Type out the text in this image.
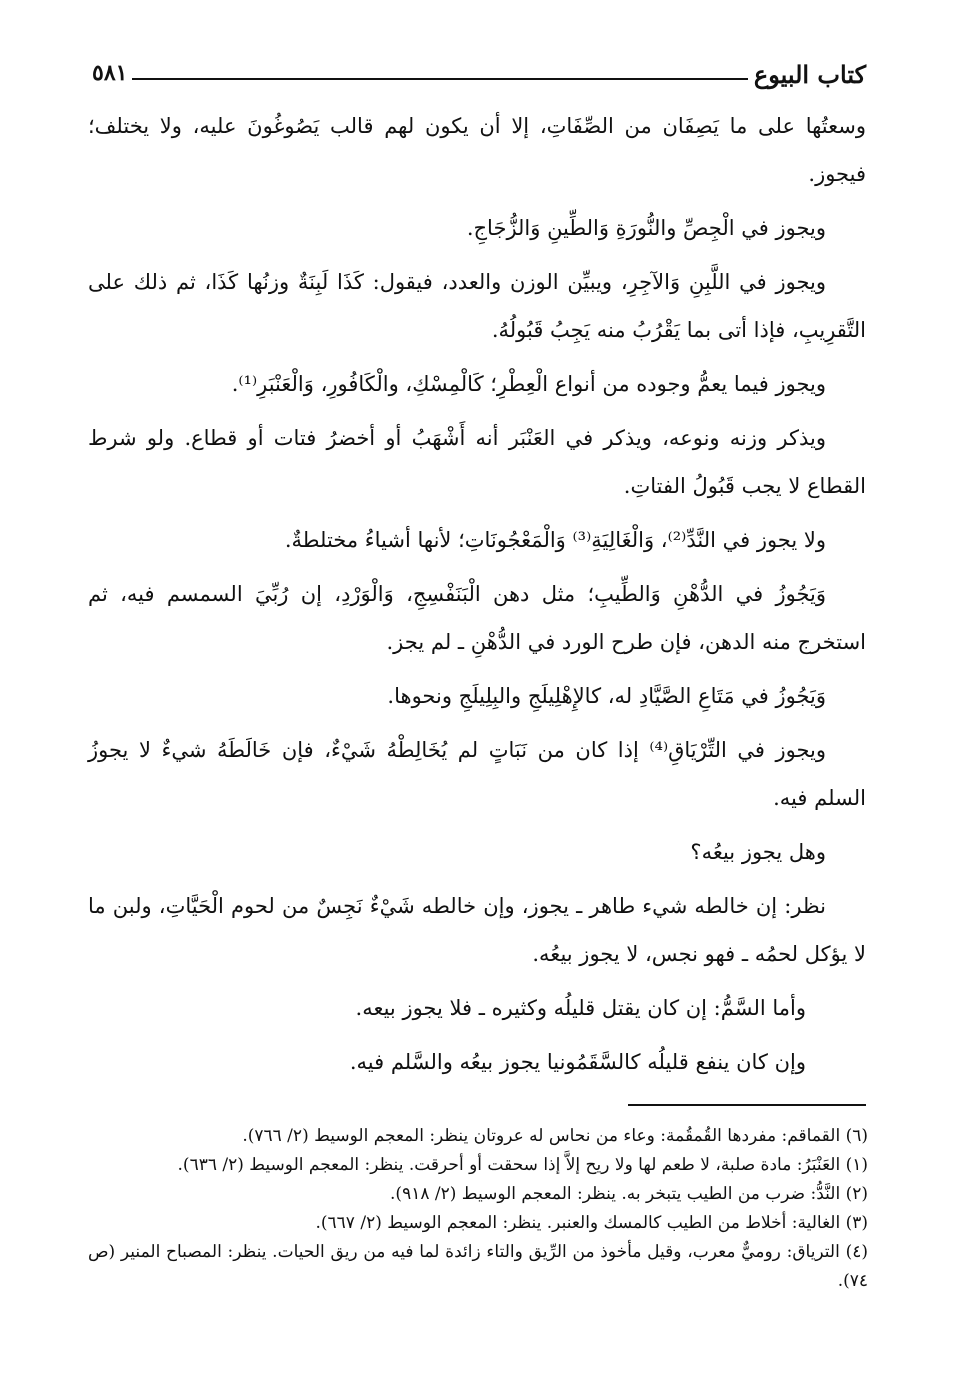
كتاب البيوع
٥٨١

وسعتُها على ما يَصِفَان من الصِّفَاتِ، إلا أن يكون لهم قالب يَصُوغُونَ عليه، ولا يختلف؛ فيجوز.

ويجوز في الْجِصِّ والنُّورَةِ وَالطِّينِ وَالزُّجَاجِ.

ويجوز في اللَّبِنِ وَالآجِرِ، ويبيِّن الوزن والعدد، فيقول: كَذَا لَبِنَةٌ وزنُها كَذَا، ثم ذلك على التَّقرِيبِ، فإذا أتى بما يَقْرُبُ منه يَجِبُ قَبُولُهُ.

ويجوز فيما يعمُّ وجوده من أنواع الْعِطْرِ؛ كَالْمِسْكِ، والْكَافُورِ، وَالْعَنْبَرِ⁽¹⁾.

ويذكر وزنه ونوعه، ويذكر في العَنْبَر أنه أَشْهَبُ أو أخضرُ فتات أو قطاع. ولو شرط القطاع لا يجب قَبُولُ الفتاتِ.

ولا يجوز في النَّدِّ⁽²⁾، وَالْغَالِيَةِ⁽³⁾ وَالْمَعْجُونَاتِ؛ لأنها أشياءُ مختلطةٌ.

وَيَجُوزُ في الدُّهْنِ وَالطِّيبِ؛ مثل دهن الْبَنَفْسِجِ، وَالْوَرْدِ، إن رُبِّيَ السمسم فيه، ثم استخرج منه الدهن، فإن طرح الورد في الدُّهْنِ ـ لم يجز.

وَيَجُوزُ في مَتَاعِ الصَّيَّادِ له، كالإِهْلِيلَجِ والبِلِيلَجِ ونحوها.

ويجوز في التِّرْيَاقِ⁽⁴⁾ إذا كان من نَبَاتٍ لم يُخَالِطْهُ شَيْءٌ، فإن خَالَطَهُ شيءٌ لا يجوزُ السلم فيه.

وهل يجوز بيعُه؟

نظر: إن خالطه شيء طاهر ـ يجوز، وإن خالطه شَيْءٌ نَجِسٌ من لحوم الْحَيَّاتِ، ولبن ما لا يؤكل لحمُه ـ فهو نجس، لا يجوز بيعُه.

وأما السَّمُّ: إن كان يقتل قليلُه وكثيره ـ فلا يجوز بيعه.

وإن كان ينفع قليلُه كالسَّقَمُونيا يجوز بيعُه والسَّلم فيه.

(٦) القماقم: مفردها القُمقُمة: وعاء من نحاس له عروتان ينظر: المعجم الوسيط (٢/ ٧٦٦).

(١) العَنْبَرُ: مادة صلبة، لا طعم لها ولا ريح إلاَّ إذا سحقت أو أحرقت. ينظر: المعجم الوسيط (٢/ ٦٣٦).

(٢) النَّدُّ: ضرب من الطيب يتبخر به. ينظر: المعجم الوسيط (٢/ ٩١٨).

(٣) الغالية: أخلاط من الطيب كالمسك والعنبر. ينظر: المعجم الوسيط (٢/ ٦٦٧).

(٤) الترياق: روميٌّ معرب، وقيل مأخوذ من الرِّيق والتاء زائدة لما فيه من ريق الحيات. ينظر: المصباح المنير (ص ٧٤).
